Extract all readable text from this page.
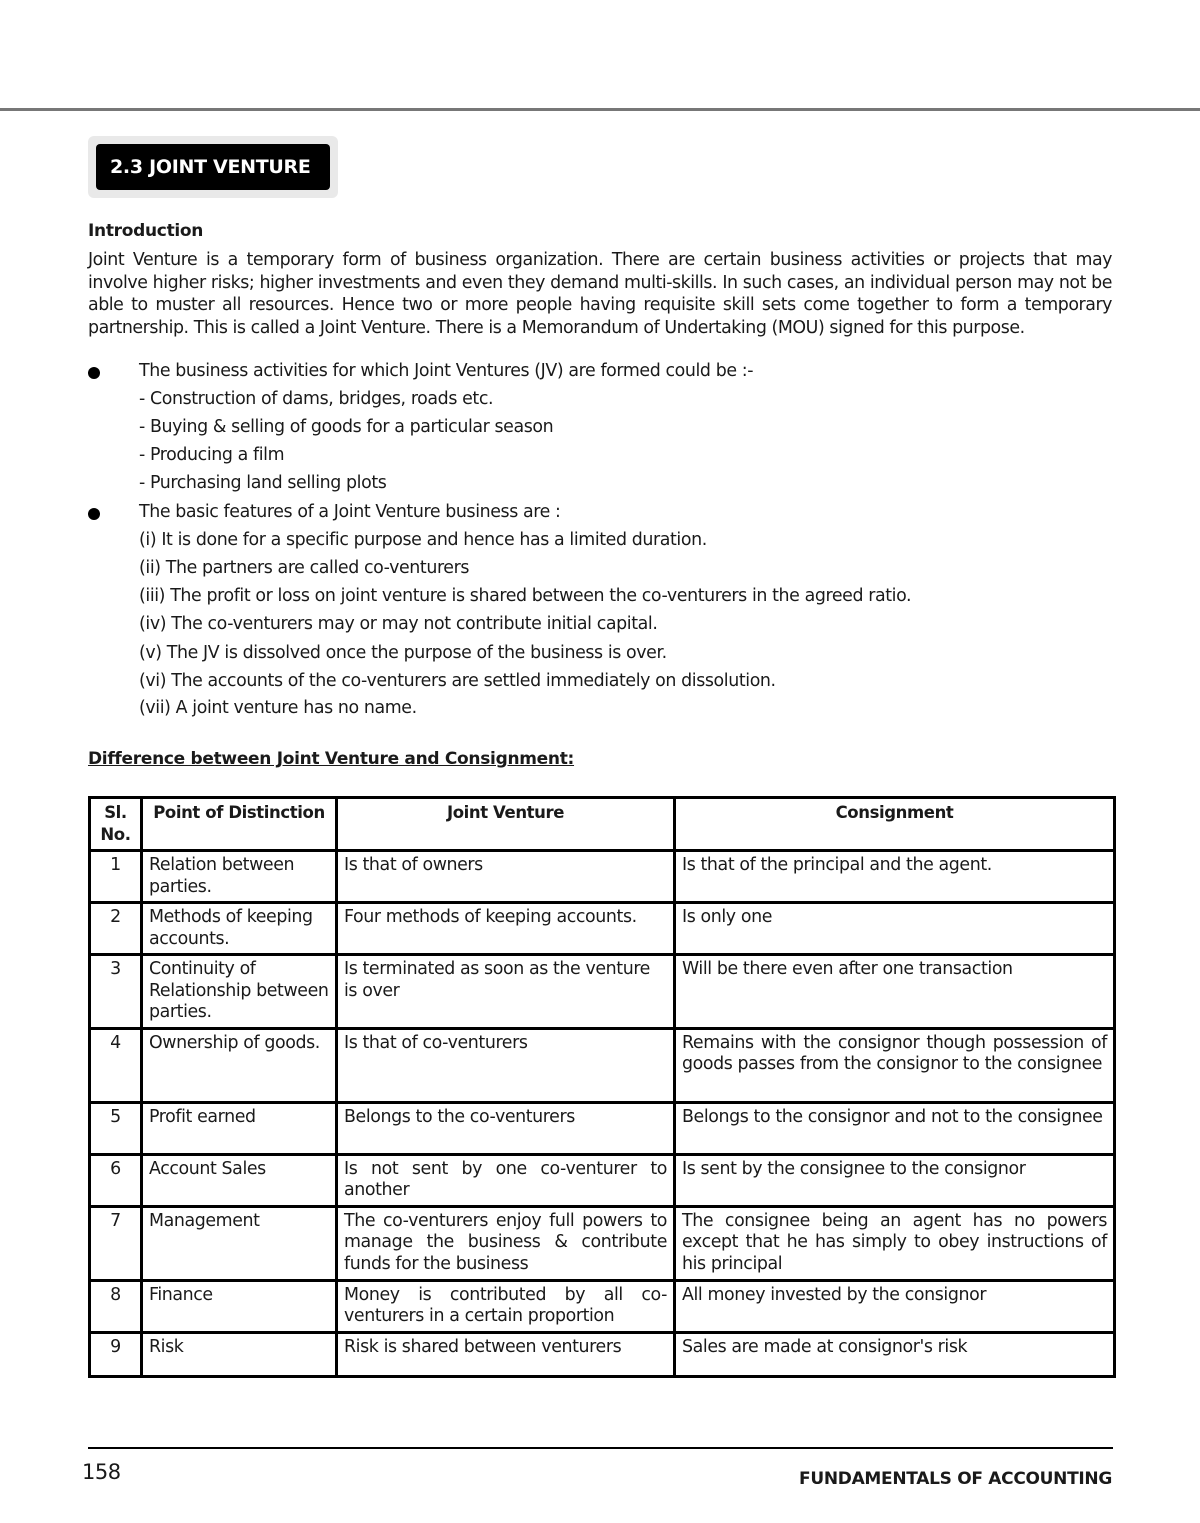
2.3 JOINT VENTURE
Introduction

Joint Venture is a temporary form of business organization. There are certain business activities or projects that may involve higher risks; higher investments and even they demand multi-skills. In such cases, an individual person may not be able to muster all resources. Hence two or more people having requisite skill sets come together to form a temporary partnership. This is called a Joint Venture. There is a Memorandum of Undertaking (MOU) signed for this purpose.

The business activities for which Joint Ventures (JV) are formed could be :-
- Construction of dams, bridges, roads etc.
- Buying & selling of goods for a particular season
- Producing a film
- Purchasing land selling plots
The basic features of a Joint Venture business are :
(i) It is done for a specific purpose and hence has a limited duration.
(ii) The partners are called co-venturers
(iii) The profit or loss on joint venture is shared between the co-venturers in the agreed ratio.
(iv) The co-venturers may or may not contribute initial capital.
(v) The JV is dissolved once the purpose of the business is over.
(vi) The accounts of the co-venturers are settled immediately on dissolution.
(vii) A joint venture has no name.
Difference between Joint Venture and Consignment:
Sl. No.	Point of Distinction	Joint Venture	Consignment
1	Relation between parties.	Is that of owners	Is that of the principal and the agent.
2	Methods of keeping accounts.	Four methods of keeping accounts.	Is only one
3	Continuity of Relationship between parties.	Is terminated as soon as the venture is over	Will be there even after one transaction
4	Ownership of goods.	Is that of co-venturers	Remains with the consignor though possession of goods passes from the consignor to the consignee
5	Profit earned	Belongs to the co-venturers	Belongs to the consignor and not to the consignee
6	Account Sales	Is not sent by one co-venturer to another	Is sent by the consignee to the consignor
7	Management	The co-venturers enjoy full powers to manage the business & contribute funds for the business	The consignee being an agent has no powers except that he has simply to obey instructions of his principal
8	Finance	Money is contributed by all co-venturers in a certain proportion	All money invested by the consignor
9	Risk	Risk is shared between venturers	Sales are made at consignor's risk
158	FUNDAMENTALS OF ACCOUNTING
